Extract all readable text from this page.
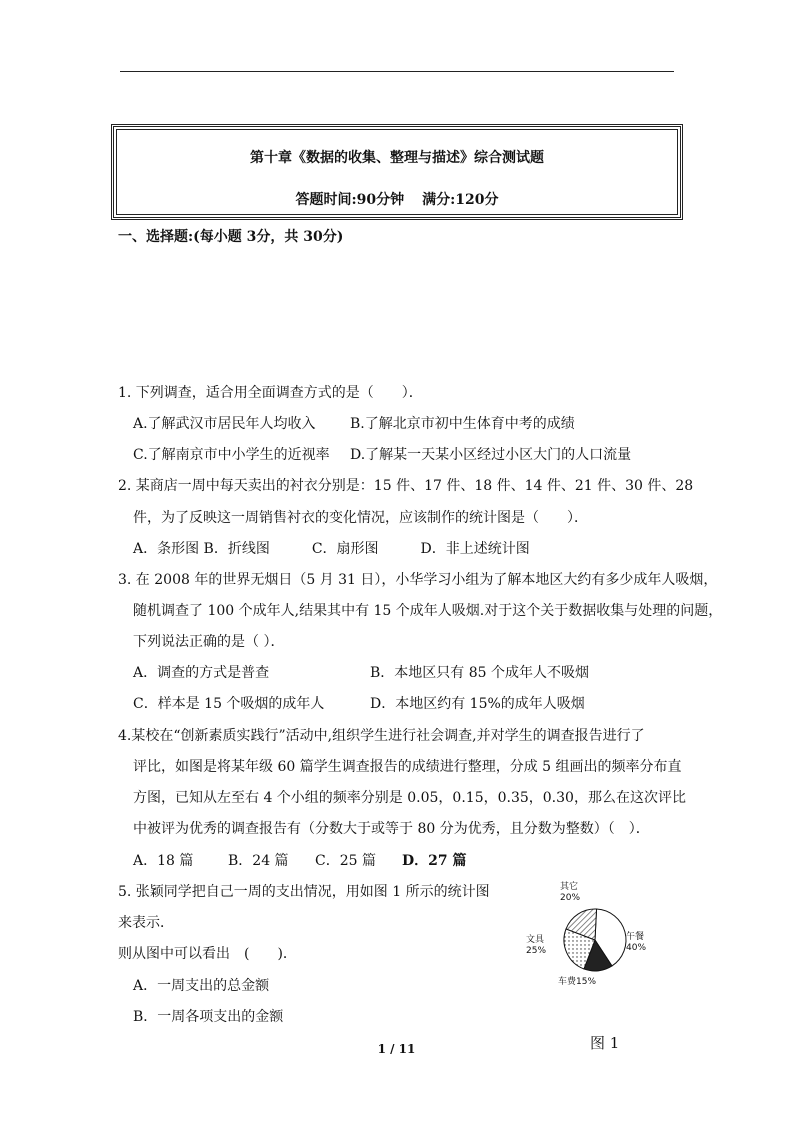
第十章《数据的收集、整理与描述》综合测试题
答题时间:90分钟 满分:120分
一、选择题:(每小题 3分，共 30分)
1. 下列调查，适合用全面调查方式的是（　　）．
A.了解武汉市居民年人均收入 B.了解北京市初中生体育中考的成绩
C.了解南京市中小学生的近视率 D.了解某一天某小区经过小区大门的人口流量
2. 某商店一周中每天卖出的衬衣分别是：15 件、17 件、18 件、14 件、21 件、30 件、28
件，为了反映这一周销售衬衣的变化情况，应该制作的统计图是（　　）．
A．条形图 B．折线图　　　C．扇形图　　　D．非上述统计图
3. 在 2008 年的世界无烟日（5 月 31 日），小华学习小组为了解本地区大约有多少成年人吸烟，
随机调查了 100 个成年人,结果其中有 15 个成年人吸烟.对于这个关于数据收集与处理的问题，
下列说法正确的是（ ）．
A．调查的方式是普查	B．本地区只有 85 个成年人不吸烟
C．样本是 15 个吸烟的成年人	D．本地区约有 15%的成年人吸烟
4.某校在“创新素质实践行”活动中,组织学生进行社会调查,并对学生的调查报告进行了
评比，如图是将某年级 60 篇学生调查报告的成绩进行整理，分成 5 组画出的频率分布直
方图，已知从左至右 4 个小组的频率分别是 0.05，0.15，0.35，0.30，那么在这次评比
中被评为优秀的调查报告有（分数大于或等于 80 分为优秀，且分数为整数）（　）．
A．18 篇 B．24 篇 C．25 篇 D．27 篇
5. 张颖同学把自己一周的支出情况，用如图 1 所示的统计图
来表示．
则从图中可以看出　(　　)．
A．一周支出的总金额
B．一周各项支出的金额
其它
20%
午餐
40%
文具
25%
车费15%
图 1
1 / 11
